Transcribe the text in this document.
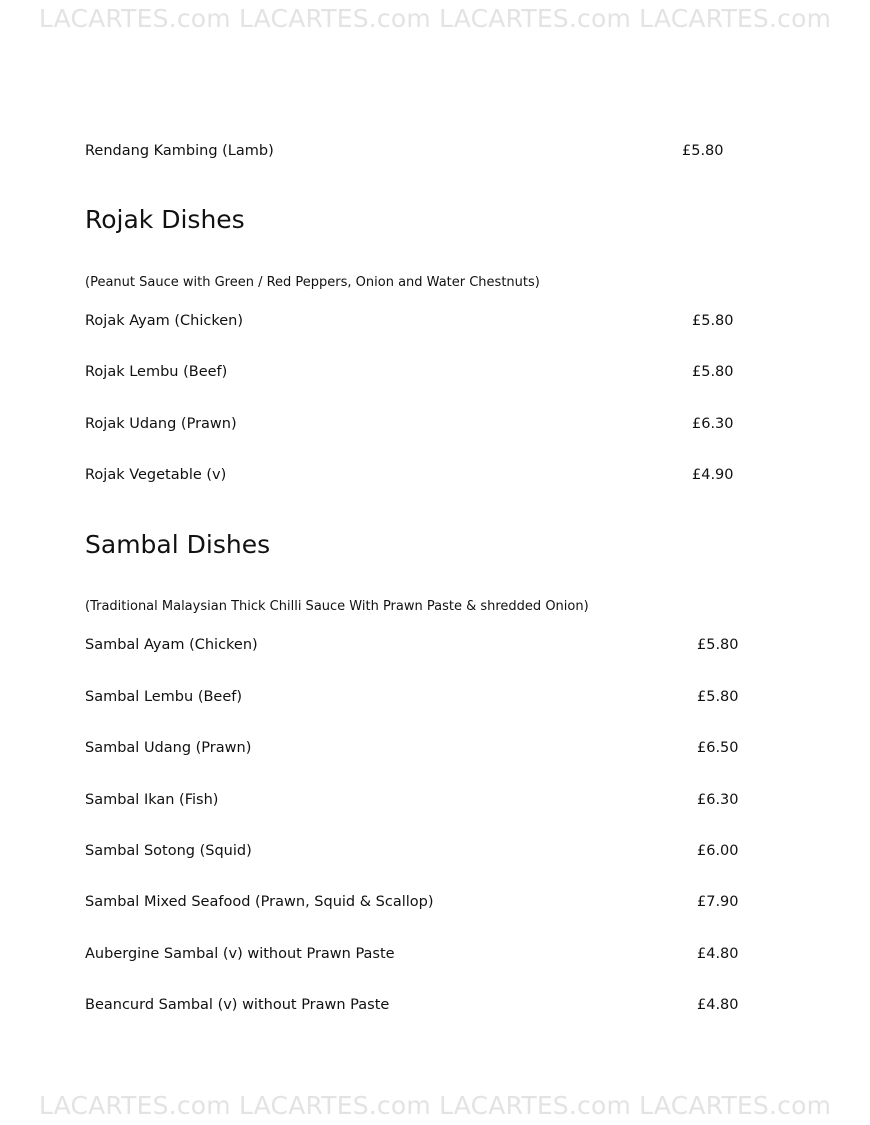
LACARTES.com LACARTES.com LACARTES.com LACARTES.com
Rendang Kambing (Lamb)	£5.80
Rojak Dishes
(Peanut Sauce with Green / Red Peppers, Onion and Water Chestnuts)
Rojak Ayam (Chicken)	£5.80
Rojak Lembu (Beef)	£5.80
Rojak Udang (Prawn)	£6.30
Rojak Vegetable (v)	£4.90
Sambal Dishes
(Traditional Malaysian Thick Chilli Sauce With Prawn Paste & shredded Onion)
Sambal Ayam (Chicken)	£5.80
Sambal Lembu (Beef)	£5.80
Sambal Udang (Prawn)	£6.50
Sambal Ikan (Fish)	£6.30
Sambal Sotong (Squid)	£6.00
Sambal Mixed Seafood (Prawn, Squid & Scallop)	£7.90
Aubergine Sambal (v) without Prawn Paste	£4.80
Beancurd Sambal (v) without Prawn Paste	£4.80
LACARTES.com LACARTES.com LACARTES.com LACARTES.com
